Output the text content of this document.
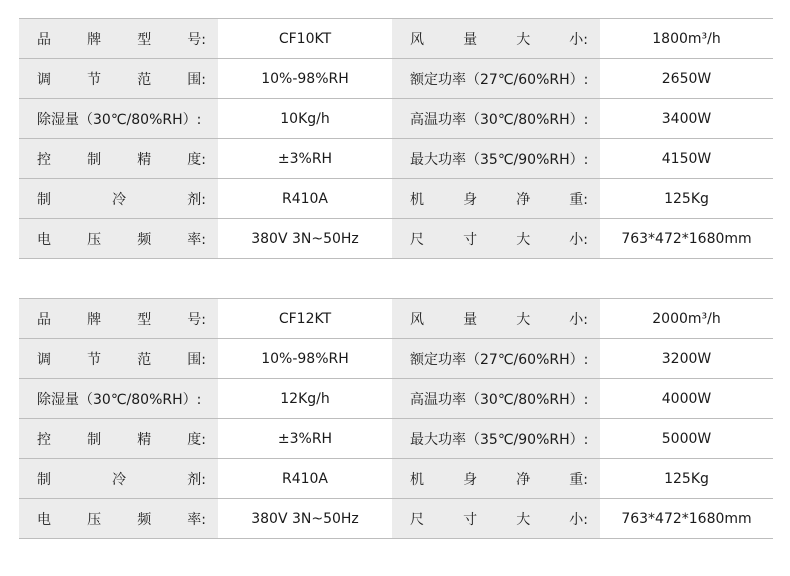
品 牌 型 号:	CF10KT	风 量 大 小:	1800m³/h

调 节 范 围:	10%-98%RH	额定功率（27℃/60%RH）:	2650W

除湿量（30℃/80%RH）:	10Kg/h	高温功率（30℃/80%RH）:	3400W

控 制 精 度:	±3%RH	最大功率（35℃/90%RH）:	4150W

制 冷 剂:	R410A	机 身 净 重:	125Kg

电 压 频 率:	380V 3N~50Hz	尺 寸 大 小:	763*472*1680mm
品 牌 型 号:	CF12KT	风 量 大 小:	2000m³/h

调 节 范 围:	10%-98%RH	额定功率（27℃/60%RH）:	3200W

除湿量（30℃/80%RH）:	12Kg/h	高温功率（30℃/80%RH）:	4000W

控 制 精 度:	±3%RH	最大功率（35℃/90%RH）:	5000W

制 冷 剂:	R410A	机 身 净 重:	125Kg

电 压 频 率:	380V 3N~50Hz	尺 寸 大 小:	763*472*1680mm
